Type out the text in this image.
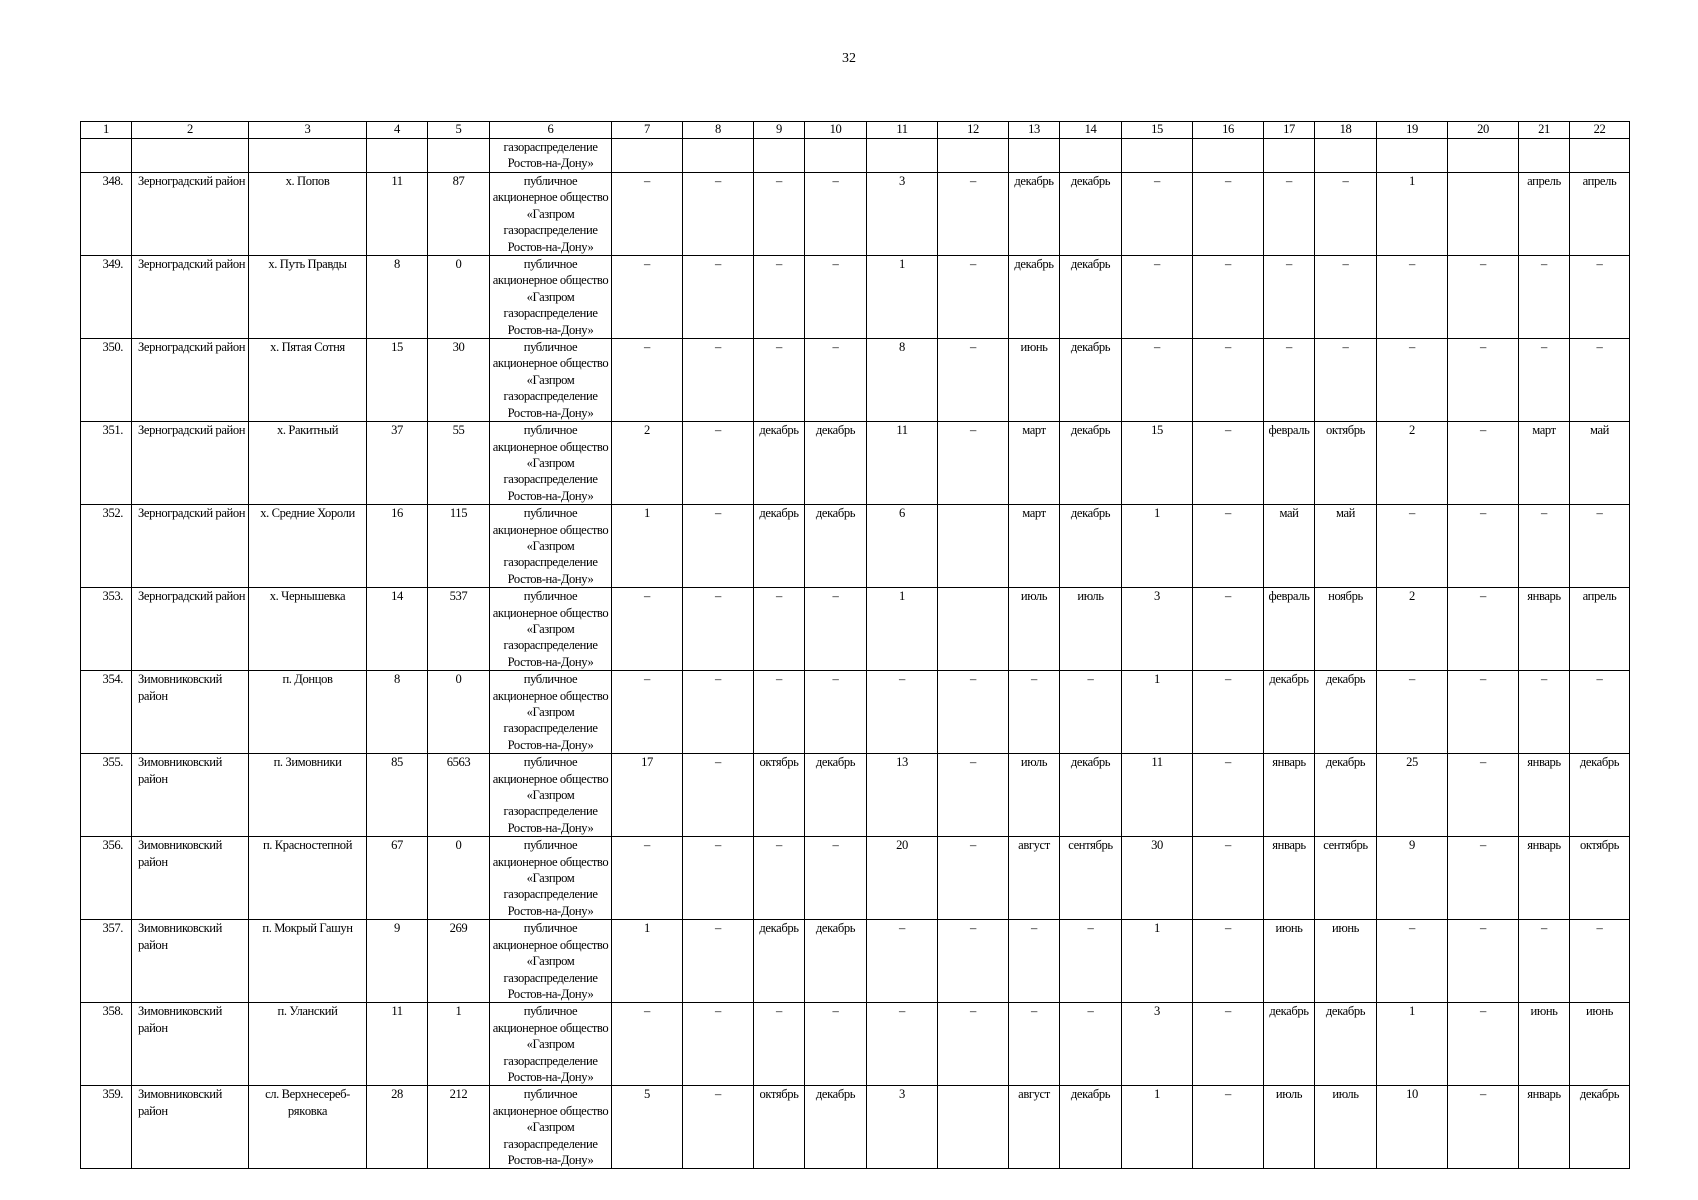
32
1	2	3	4	5	6	7	8	9	10	11	12	13	14	15	16	17	18	19	20	21	22
					газораспределение Ростов-на-Дону»																
348.	Зерноградский район	х. Попов	11	87	публичное акционерное общество «Газпром газораспределение Ростов-на-Дону»	–	–	–	–	3	–	декабрь	декабрь	–	–	–	–	1		апрель	апрель
349.	Зерноградский район	х. Путь Правды	8	0	публичное акционерное общество «Газпром газораспределение Ростов-на-Дону»	–	–	–	–	1	–	декабрь	декабрь	–	–	–	–	–	–	–	–
350.	Зерноградский район	х. Пятая Сотня	15	30	публичное акционерное общество «Газпром газораспределение Ростов-на-Дону»	–	–	–	–	8	–	июнь	декабрь	–	–	–	–	–	–	–	–
351.	Зерноградский район	х. Ракитный	37	55	публичное акционерное общество «Газпром газораспределение Ростов-на-Дону»	2	–	декабрь	декабрь	11	–	март	декабрь	15	–	февраль	октябрь	2	–	март	май
352.	Зерноградский район	х. Средние Хороли	16	115	публичное акционерное общество «Газпром газораспределение Ростов-на-Дону»	1	–	декабрь	декабрь	6		март	декабрь	1	–	май	май	–	–	–	–
353.	Зерноградский район	х. Чернышевка	14	537	публичное акционерное общество «Газпром газораспределение Ростов-на-Дону»	–	–	–	–	1		июль	июль	3	–	февраль	ноябрь	2	–	январь	апрель
354.	Зимовниковский район	п. Донцов	8	0	публичное акционерное общество «Газпром газораспределение Ростов-на-Дону»	–	–	–	–	–	–	–	–	1	–	декабрь	декабрь	–	–	–	–
355.	Зимовниковский район	п. Зимовники	85	6563	публичное акционерное общество «Газпром газораспределение Ростов-на-Дону»	17	–	октябрь	декабрь	13	–	июль	декабрь	11	–	январь	декабрь	25	–	январь	декабрь
356.	Зимовниковский район	п. Красностепной	67	0	публичное акционерное общество «Газпром газораспределение Ростов-на-Дону»	–	–	–	–	20	–	август	сентябрь	30	–	январь	сентябрь	9	–	январь	октябрь
357.	Зимовниковский район	п. Мокрый Гашун	9	269	публичное акционерное общество «Газпром газораспределение Ростов-на-Дону»	1	–	декабрь	декабрь	–	–	–	–	1	–	июнь	июнь	–	–	–	–
358.	Зимовниковский район	п. Уланский	11	1	публичное акционерное общество «Газпром газораспределение Ростов-на-Дону»	–	–	–	–	–	–	–	–	3	–	декабрь	декабрь	1	–	июнь	июнь
359.	Зимовниковский район	сл. Верхнесереб-рякoвка	28	212	публичное акционерное общество «Газпром газораспределение Ростов-на-Дону»	5	–	октябрь	декабрь	3		август	декабрь	1	–	июль	июль	10	–	январь	декабрь
